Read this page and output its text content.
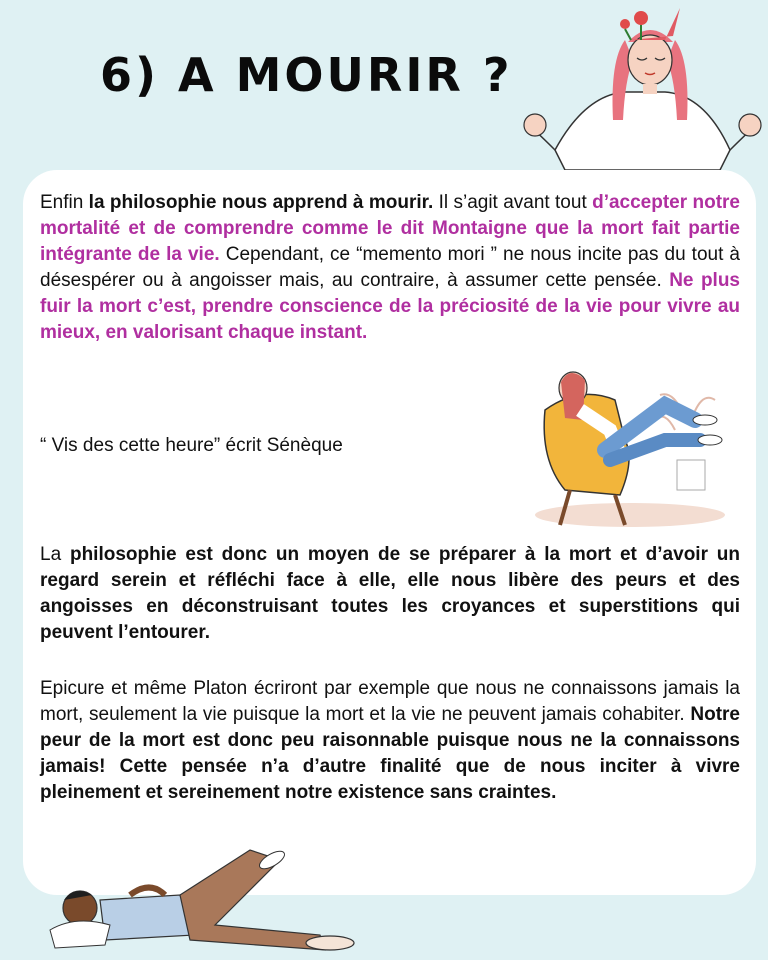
6) A MOURIR ?

Enfin la philosophie nous apprend à mourir. Il s’agit avant tout d’accepter notre mortalité et de comprendre comme le dit Montaigne que la mort fait partie intégrante de la vie. Cependant, ce “memento mori ” ne nous incite pas du tout à désespérer ou à angoisser mais, au contraire, à assumer cette pensée. Ne plus fuir la mort c’est, prendre conscience de la préciosité de la vie pour vivre au mieux, en valorisant chaque instant.

“ Vis des cette heure” écrit Sénèque

La philosophie est donc un moyen de se préparer à la mort et d’avoir un regard serein et réfléchi face à elle, elle nous libère des peurs et des angoisses en déconstruisant toutes les croyances et superstitions qui peuvent l’entourer.

Epicure et même Platon écriront par exemple que nous ne connaissons jamais la mort, seulement la vie puisque la mort et la vie ne peuvent jamais cohabiter. Notre peur de la mort est donc peu raisonnable puisque nous ne la connaissons jamais! Cette pensée n’a d’autre finalité que de nous inciter à vivre pleinement et sereinement notre existence sans craintes.
